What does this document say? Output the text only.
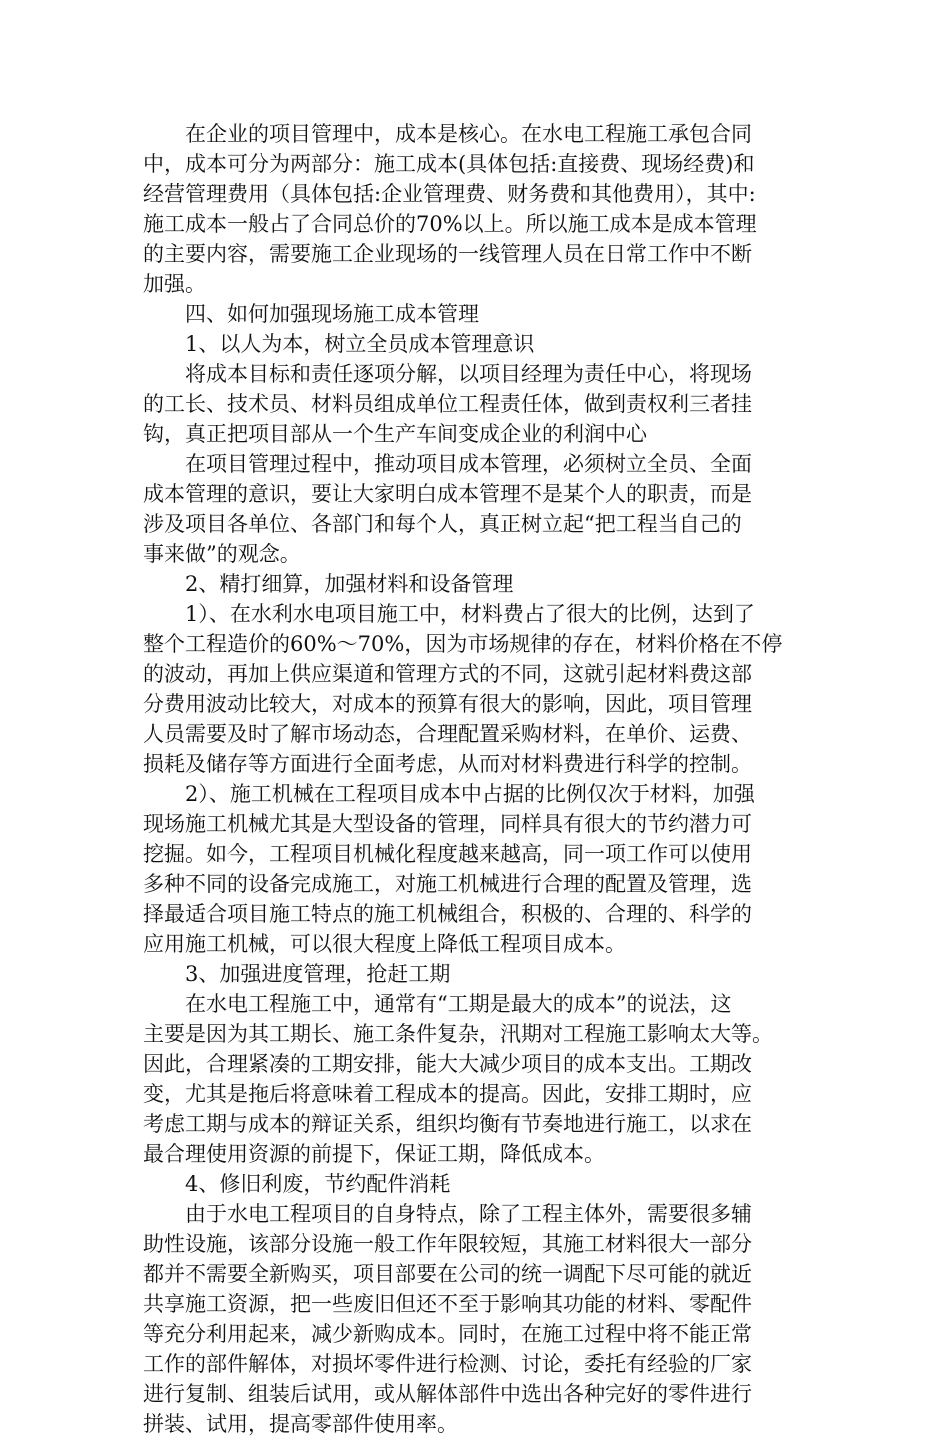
在企业的项目管理中，成本是核心。在水电工程施工承包合同
中，成本可分为两部分：施工成本(具体包括:直接费、现场经费)和
经营管理费用（具体包括:企业管理费、财务费和其他费用），其中:
施工成本一般占了合同总价的70%以上。所以施工成本是成本管理
的主要内容，需要施工企业现场的一线管理人员在日常工作中不断
加强。
四、如何加强现场施工成本管理
1、以人为本，树立全员成本管理意识
将成本目标和责任逐项分解，以项目经理为责任中心，将现场
的工长、技术员、材料员组成单位工程责任体，做到责权利三者挂
钩，真正把项目部从一个生产车间变成企业的利润中心
在项目管理过程中，推动项目成本管理，必须树立全员、全面
成本管理的意识，要让大家明白成本管理不是某个人的职责，而是
涉及项目各单位、各部门和每个人，真正树立起“把工程当自己的
事来做”的观念。
2、精打细算，加强材料和设备管理
1）、在水利水电项目施工中，材料费占了很大的比例，达到了
整个工程造价的60%～70%，因为市场规律的存在，材料价格在不停
的波动，再加上供应渠道和管理方式的不同，这就引起材料费这部
分费用波动比较大，对成本的预算有很大的影响，因此，项目管理
人员需要及时了解市场动态，合理配置采购材料，在单价、运费、
损耗及储存等方面进行全面考虑，从而对材料费进行科学的控制。
2）、施工机械在工程项目成本中占据的比例仅次于材料，加强
现场施工机械尤其是大型设备的管理，同样具有很大的节约潜力可
挖掘。如今，工程项目机械化程度越来越高，同一项工作可以使用
多种不同的设备完成施工，对施工机械进行合理的配置及管理，选
择最适合项目施工特点的施工机械组合，积极的、合理的、科学的
应用施工机械，可以很大程度上降低工程项目成本。
3、加强进度管理，抢赶工期
在水电工程施工中，通常有“工期是最大的成本”的说法，这
主要是因为其工期长、施工条件复杂，汛期对工程施工影响太大等。
因此，合理紧凑的工期安排，能大大减少项目的成本支出。工期改
变，尤其是拖后将意味着工程成本的提高。因此，安排工期时，应
考虑工期与成本的辩证关系，组织均衡有节奏地进行施工，以求在
最合理使用资源的前提下，保证工期，降低成本。
4、修旧利废，节约配件消耗
由于水电工程项目的自身特点，除了工程主体外，需要很多辅
助性设施，该部分设施一般工作年限较短，其施工材料很大一部分
都并不需要全新购买，项目部要在公司的统一调配下尽可能的就近
共享施工资源，把一些废旧但还不至于影响其功能的材料、零配件
等充分利用起来，减少新购成本。同时，在施工过程中将不能正常
工作的部件解体，对损坏零件进行检测、讨论，委托有经验的厂家
进行复制、组装后试用，或从解体部件中选出各种完好的零件进行
拼装、试用，提高零部件使用率。
